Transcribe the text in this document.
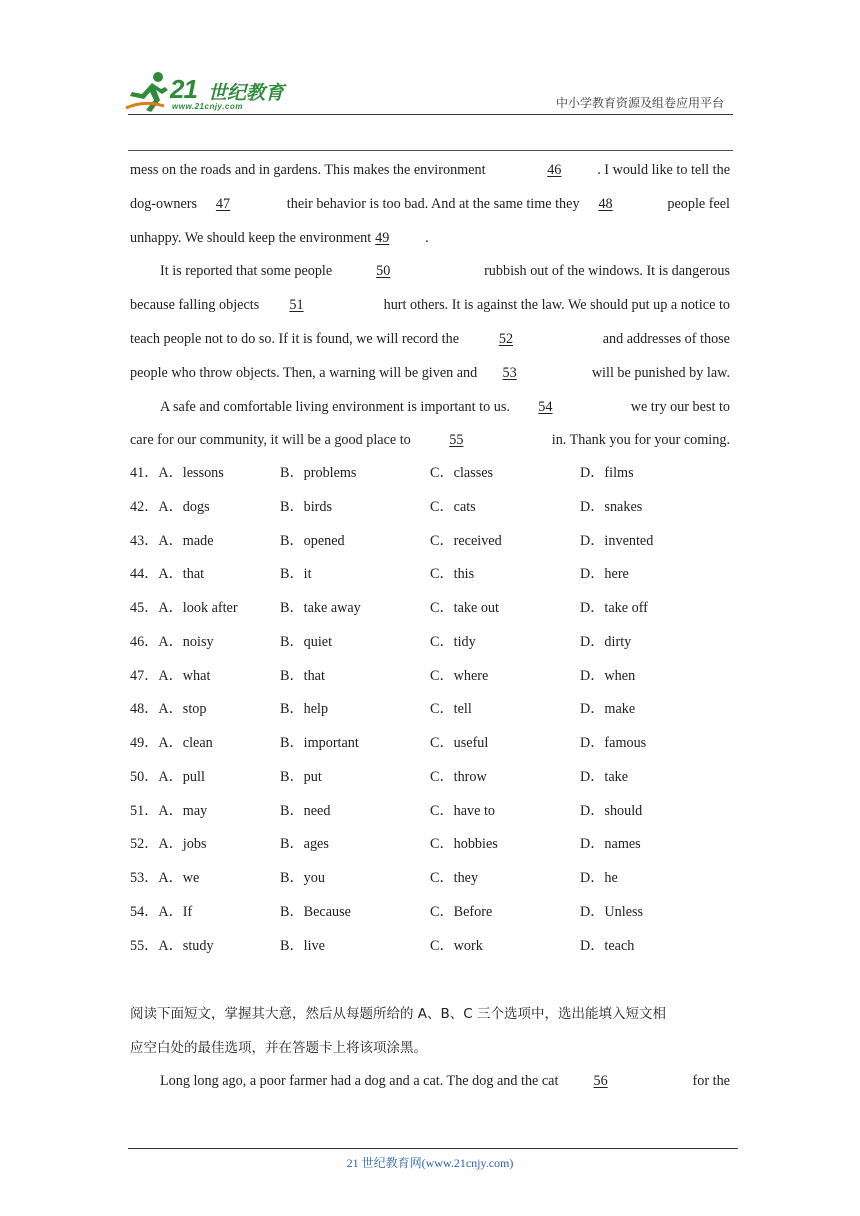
21 世纪教育
www.21cnjy.com	中小学教育资源及组卷应用平台
mess on the roads and in gardens. This makes the environment	46	. I would like to tell the
dog-owners 47	their behavior is too bad. And at the same time they 48	people feel
unhappy. We should keep the environment 49	.
It is reported that some people	50	rubbish out of the windows. It is dangerous
because falling objects 51	hurt others. It is against the law. We should put up a notice to
teach people not to do so. If it is found, we will record the	52	and addresses of those
people who throw objects. Then, a warning will be given and 53	will be punished by law.
A safe and comfortable living environment is important to us. 54	we try our best to
care for our community, it will be a good place to	55	in. Thank you for your coming.
41．A．lessons	B．problems	C．classes	D．films
42．A．dogs	B．birds	C．cats	D．snakes
43．A．made	B．opened	C．received	D．invented
44．A．that	B．it	C．this	D．here
45．A．look after	B．take away	C．take out	D．take off
46．A．noisy	B．quiet	C．tidy	D．dirty
47．A．what	B．that	C．where	D．when
48．A．stop	B．help	C．tell	D．make
49．A．clean	B．important	C．useful	D．famous
50．A．pull	B．put	C．throw	D．take
51．A．may	B．need	C．have to	D．should
52．A．jobs	B．ages	C．hobbies	D．names
53．A．we	B．you	C．they	D．he
54．A．If	B．Because	C．Before	D．Unless
55．A．study	B．live	C．work	D．teach
阅读下面短文，掌握其大意，然后从每题所给的 A、B、C 三个选项中，选出能填入短文相
应空白处的最佳选项，并在答题卡上将该项涂黑。
Long long ago, a poor farmer had a dog and a cat. The dog and the cat 56	for the
21 世纪教育网(www.21cnjy.com)
